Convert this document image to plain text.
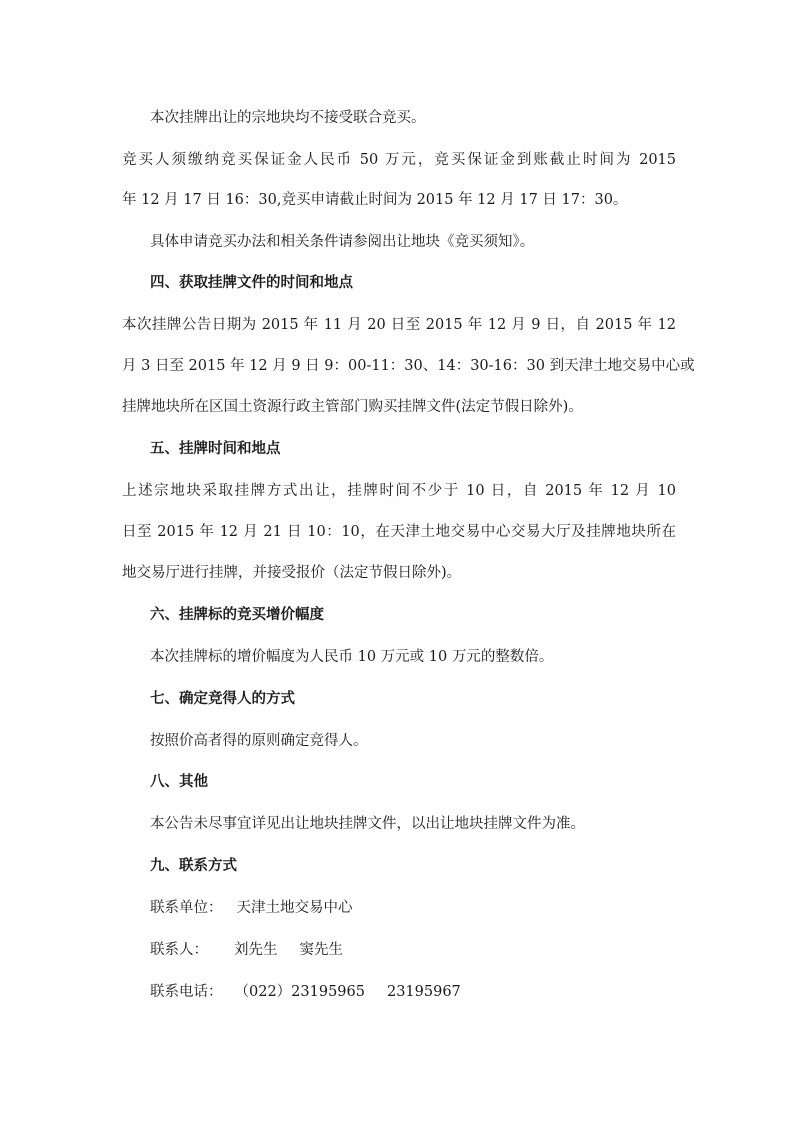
本次挂牌出让的宗地块均不接受联合竞买。
竞买人须缴纳竞买保证金人民币 50 万元，竞买保证金到账截止时间为 2015
年 12 月 17 日 16：30,竞买申请截止时间为 2015 年 12 月 17 日 17：30。
具体申请竞买办法和相关条件请参阅出让地块《竞买须知》。
四、获取挂牌文件的时间和地点
本次挂牌公告日期为 2015 年 11 月 20 日至 2015 年 12 月 9 日，自 2015 年 12
月 3 日至 2015 年 12 月 9 日 9：00-11：30、14：30-16：30 到天津土地交易中心或
挂牌地块所在区国土资源行政主管部门购买挂牌文件(法定节假日除外)。
五、挂牌时间和地点
上述宗地块采取挂牌方式出让，挂牌时间不少于 10 日，自 2015 年 12 月 10
日至 2015 年 12 月 21 日 10：10，在天津土地交易中心交易大厅及挂牌地块所在
地交易厅进行挂牌，并接受报价（法定节假日除外)。
六、挂牌标的竞买增价幅度
本次挂牌标的增价幅度为人民币 10 万元或 10 万元的整数倍。
七、确定竞得人的方式
按照价高者得的原则确定竞得人。
八、其他
本公告未尽事宜详见出让地块挂牌文件，以出让地块挂牌文件为准。
九、联系方式
联系单位： 天津土地交易中心
联系人： 刘先生 窦先生
联系电话： （022）23195965 23195967
